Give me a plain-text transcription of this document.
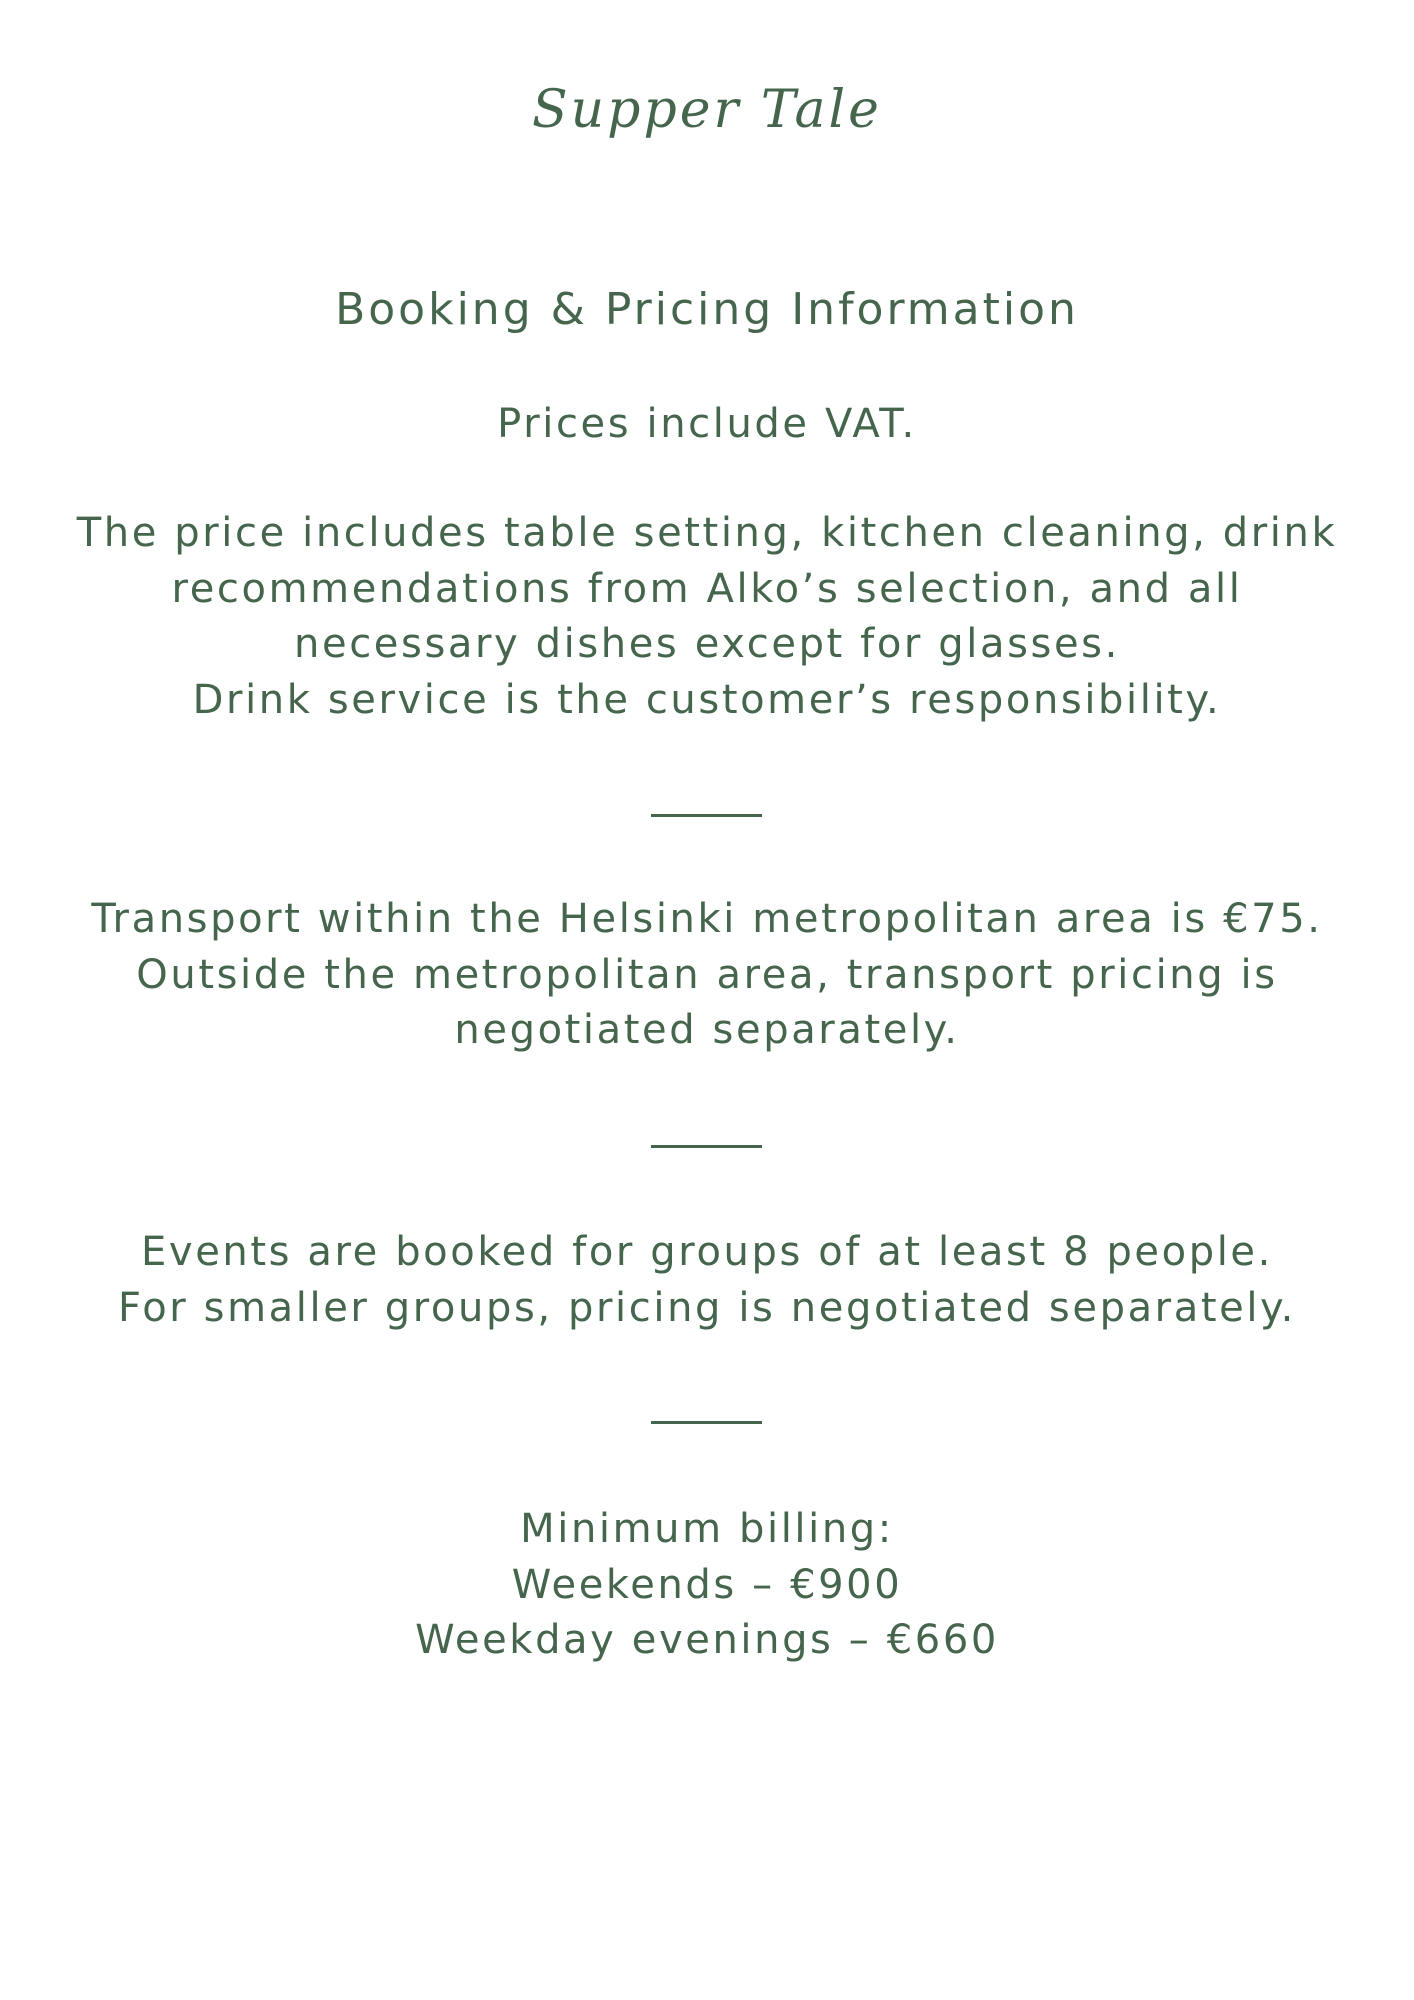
Supper Tale
Booking & Pricing Information
Prices include VAT.
The price includes table setting, kitchen cleaning, drink
recommendations from Alko’s selection, and all
necessary dishes except for glasses.
Drink service is the customer’s responsibility.
Transport within the Helsinki metropolitan area is €75.
Outside the metropolitan area, transport pricing is
negotiated separately.
Events are booked for groups of at least 8 people.
For smaller groups, pricing is negotiated separately.
Minimum billing:
Weekends – €900
Weekday evenings – €660
